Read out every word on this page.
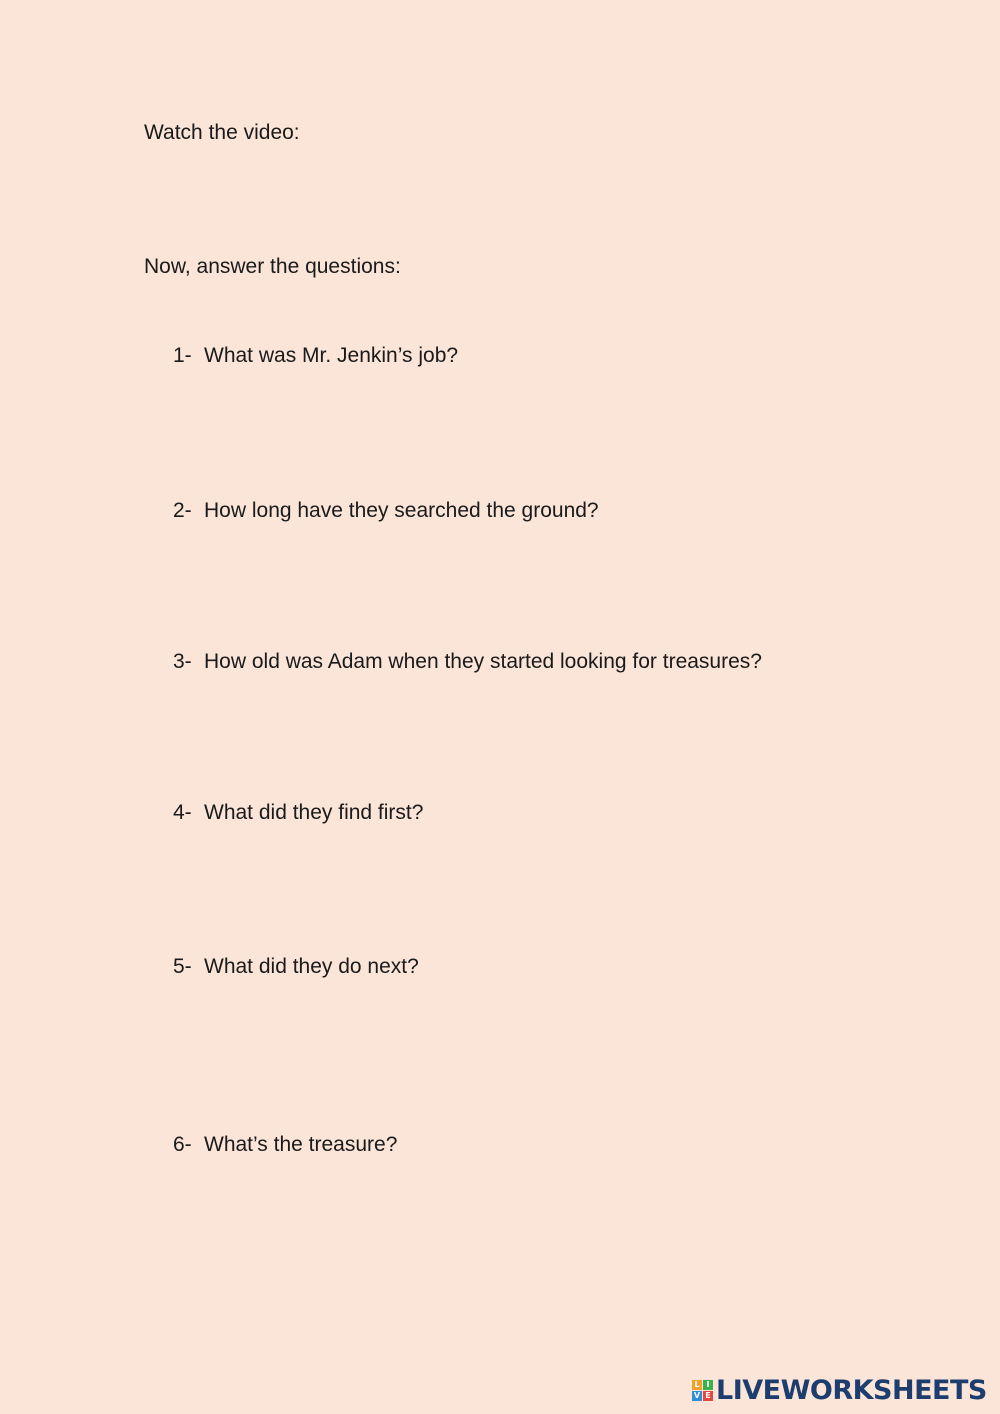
Watch the video:
Now, answer the questions:
1- What was Mr. Jenkin’s job?
2- How long have they searched the ground?
3- How old was Adam when they started looking for treasures?
4- What did they find first?
5- What did they do next?
6- What’s the treasure?
L I
V E LIVEWORKSHEETS
